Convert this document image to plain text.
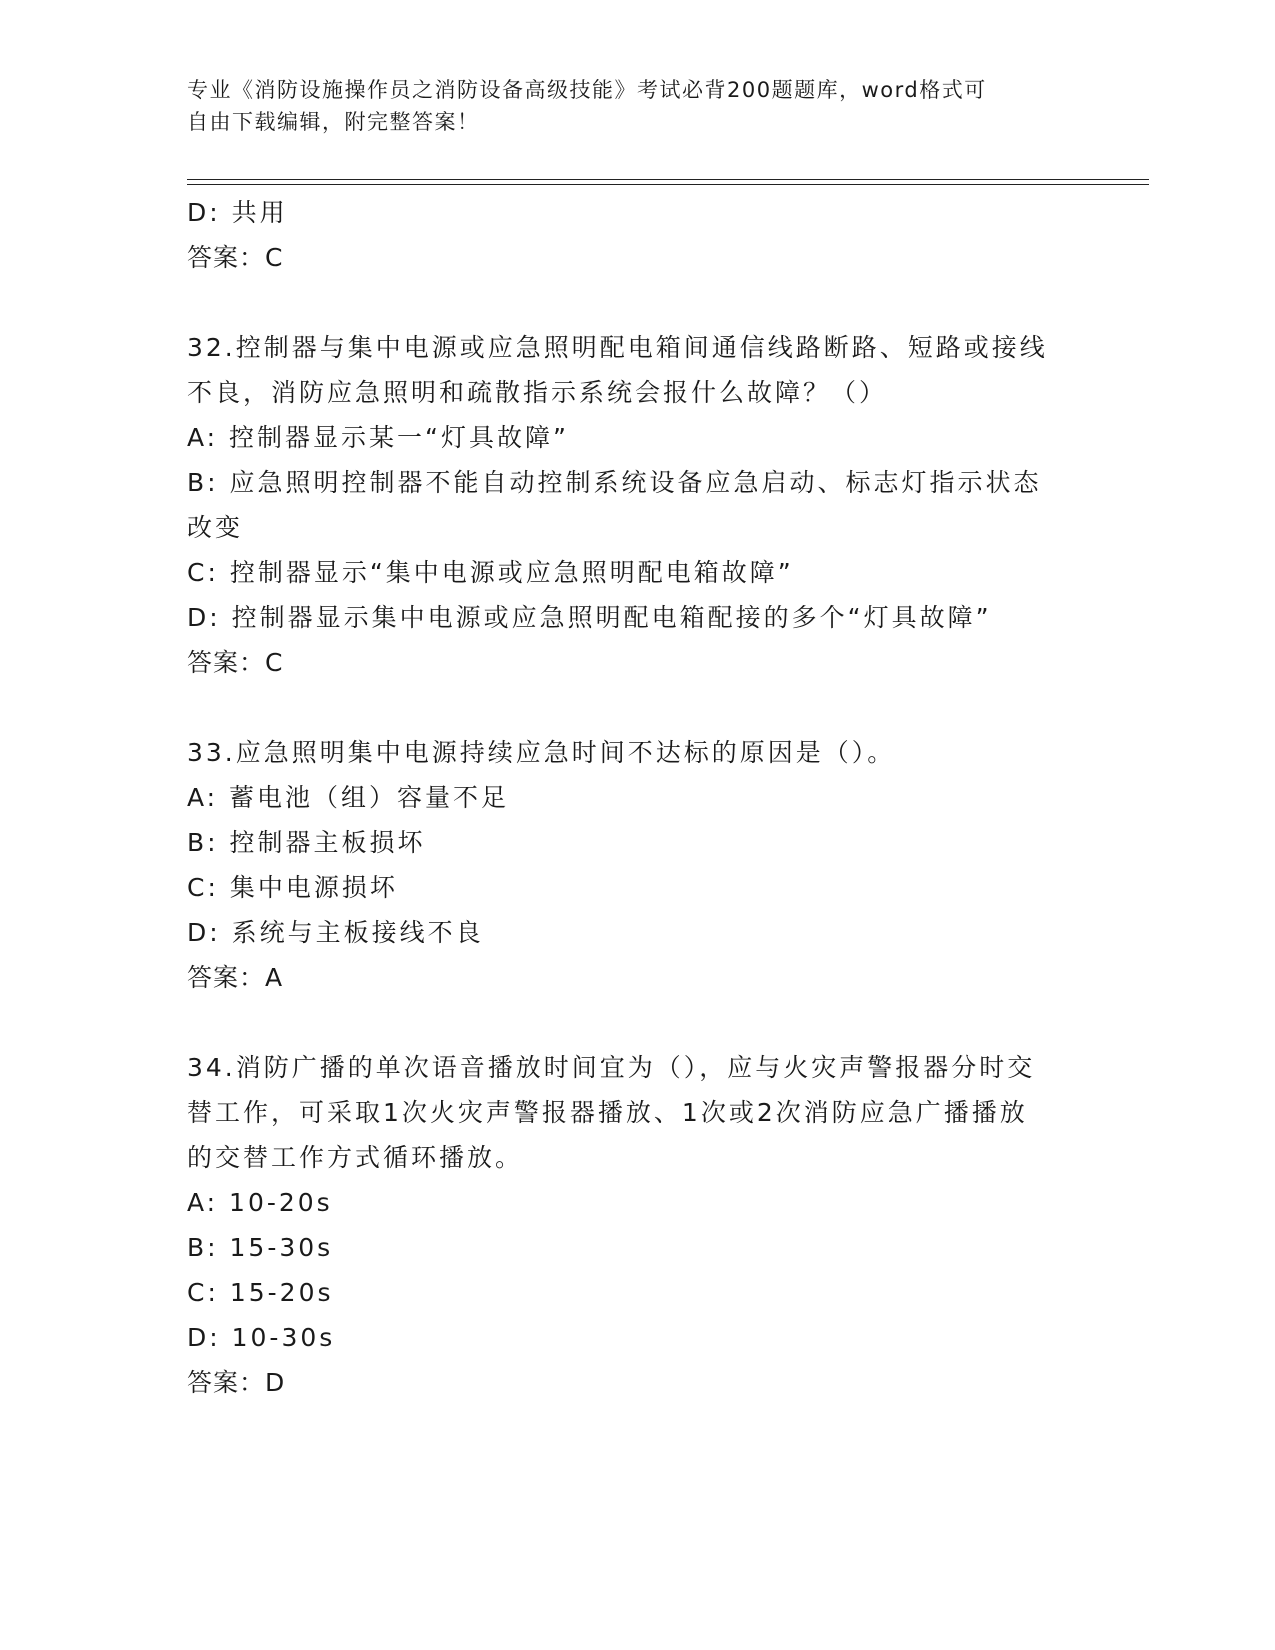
专业《消防设施操作员之消防设备高级技能》考试必背200题题库，word格式可
自由下载编辑，附完整答案！
D: 共用
答案：C
32.控制器与集中电源或应急照明配电箱间通信线路断路、短路或接线
不良，消防应急照明和疏散指示系统会报什么故障？（）
A: 控制器显示某一“灯具故障”
B: 应急照明控制器不能自动控制系统设备应急启动、标志灯指示状态
改变
C: 控制器显示“集中电源或应急照明配电箱故障”
D: 控制器显示集中电源或应急照明配电箱配接的多个“灯具故障”
答案：C
33.应急照明集中电源持续应急时间不达标的原因是（）。
A: 蓄电池（组）容量不足
B: 控制器主板损坏
C: 集中电源损坏
D: 系统与主板接线不良
答案：A
34.消防广播的单次语音播放时间宜为（），应与火灾声警报器分时交
替工作，可采取1次火灾声警报器播放、1次或2次消防应急广播播放
的交替工作方式循环播放。
A: 10-20s
B: 15-30s
C: 15-20s
D: 10-30s
答案：D
